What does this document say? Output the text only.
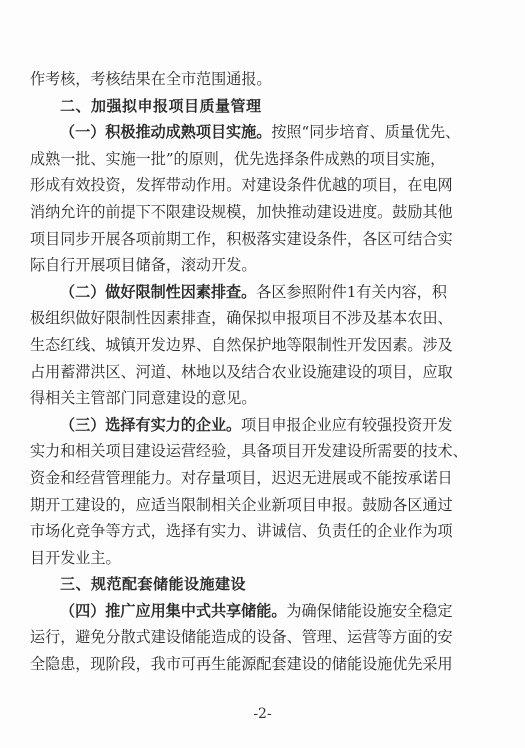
作考核，考核结果在全市范围通报。
二、加强拟申报项目质量管理
（一）积极推动成熟项目实施。按照“同步培育、质量优先、
成熟一批、实施一批”的原则，优先选择条件成熟的项目实施，
形成有效投资，发挥带动作用。对建设条件优越的项目，在电网
消纳允许的前提下不限建设规模，加快推动建设进度。鼓励其他
项目同步开展各项前期工作，积极落实建设条件，各区可结合实
际自行开展项目储备，滚动开发。
（二）做好限制性因素排查。各区参照附件1有关内容，积
极组织做好限制性因素排查，确保拟申报项目不涉及基本农田、
生态红线、城镇开发边界、自然保护地等限制性开发因素。涉及
占用蓄滞洪区、河道、林地以及结合农业设施建设的项目，应取
得相关主管部门同意建设的意见。
（三）选择有实力的企业。项目申报企业应有较强投资开发
实力和相关项目建设运营经验，具备项目开发建设所需要的技术、
资金和经营管理能力。对存量项目，迟迟无进展或不能按承诺日
期开工建设的，应适当限制相关企业新项目申报。鼓励各区通过
市场化竞争等方式，选择有实力、讲诚信、负责任的企业作为项
目开发业主。
三、规范配套储能设施建设
（四）推广应用集中式共享储能。为确保储能设施安全稳定
运行，避免分散式建设储能造成的设备、管理、运营等方面的安
全隐患，现阶段，我市可再生能源配套建设的储能设施优先采用
-2-
